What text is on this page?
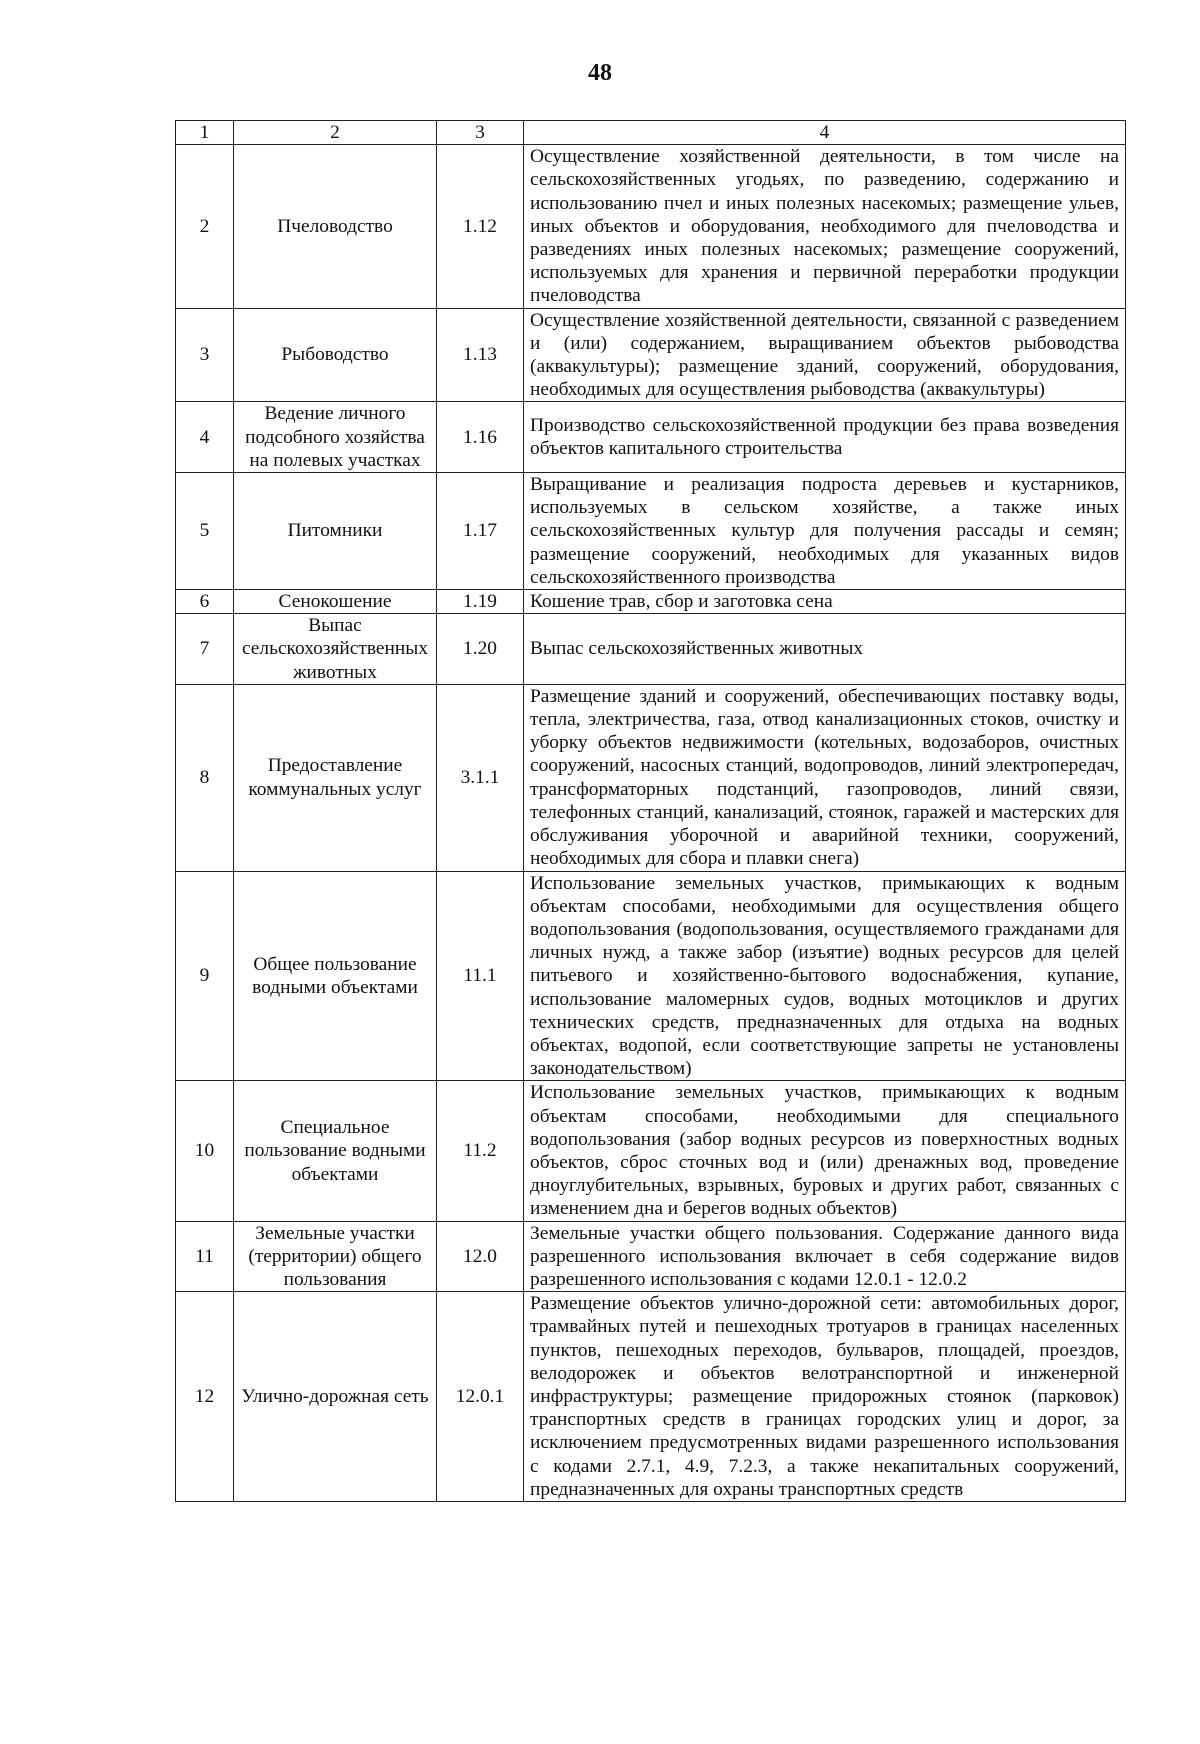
48
1	2	3	4
2	Пчеловодство	1.12	Осуществление хозяйственной деятельности, в том числе на сельскохозяйственных угодьях, по разведению, содержанию и использованию пчел и иных полезных насекомых; размещение ульев, иных объектов и оборудования, необходимого для пчеловодства и разведениях иных полезных насекомых; размещение сооружений, используемых для хранения и первичной переработки продукции пчеловодства
3	Рыбоводство	1.13	Осуществление хозяйственной деятельности, связанной с разведением и (или) содержанием, выращиванием объектов рыбоводства (аквакультуры); размещение зданий, сооружений, оборудования, необходимых для осуществления рыбоводства (аквакультуры)
4	Ведение личного подсобного хозяйства на полевых участках	1.16	Производство сельскохозяйственной продукции без права возведения объектов капитального строительства
5	Питомники	1.17	Выращивание и реализация подроста деревьев и кустарников, используемых в сельском хозяйстве, а также иных сельскохозяйственных культур для получения рассады и семян; размещение сооружений, необходимых для указанных видов сельскохозяйственного производства
6	Сенокошение	1.19	Кошение трав, сбор и заготовка сена
7	Выпас сельскохозяйственных животных	1.20	Выпас сельскохозяйственных животных
8	Предоставление коммунальных услуг	3.1.1	Размещение зданий и сооружений, обеспечивающих поставку воды, тепла, электричества, газа, отвод канализационных стоков, очистку и уборку объектов недвижимости (котельных, водозаборов, очистных сооружений, насосных станций, водопроводов, линий электропередач, трансформаторных подстанций, газопроводов, линий связи, телефонных станций, канализаций, стоянок, гаражей и мастерских для обслуживания уборочной и аварийной техники, сооружений, необходимых для сбора и плавки снега)
9	Общее пользование водными объектами	11.1	Использование земельных участков, примыкающих к водным объектам способами, необходимыми для осуществления общего водопользования (водопользования, осуществляемого гражданами для личных нужд, а также забор (изъятие) водных ресурсов для целей питьевого и хозяйственно-бытового водоснабжения, купание, использование маломерных судов, водных мотоциклов и других технических средств, предназначенных для отдыха на водных объектах, водопой, если соответствующие запреты не установлены законодательством)
10	Специальное пользование водными объектами	11.2	Использование земельных участков, примыкающих к водным объектам способами, необходимыми для специального водопользования (забор водных ресурсов из поверхностных водных объектов, сброс сточных вод и (или) дренажных вод, проведение дноуглубительных, взрывных, буровых и других работ, связанных с изменением дна и берегов водных объектов)
11	Земельные участки (территории) общего пользования	12.0	Земельные участки общего пользования. Содержание данного вида разрешенного использования включает в себя содержание видов разрешенного использования с кодами 12.0.1 - 12.0.2
12	Улично-дорожная сеть	12.0.1	Размещение объектов улично-дорожной сети: автомобильных дорог, трамвайных путей и пешеходных тротуаров в границах населенных пунктов, пешеходных переходов, бульваров, площадей, проездов, велодорожек и объектов велотранспортной и инженерной инфраструктуры; размещение придорожных стоянок (парковок) транспортных средств в границах городских улиц и дорог, за исключением предусмотренных видами разрешенного использования с кодами 2.7.1, 4.9, 7.2.3, а также некапитальных сооружений, предназначенных для охраны транспортных средств
